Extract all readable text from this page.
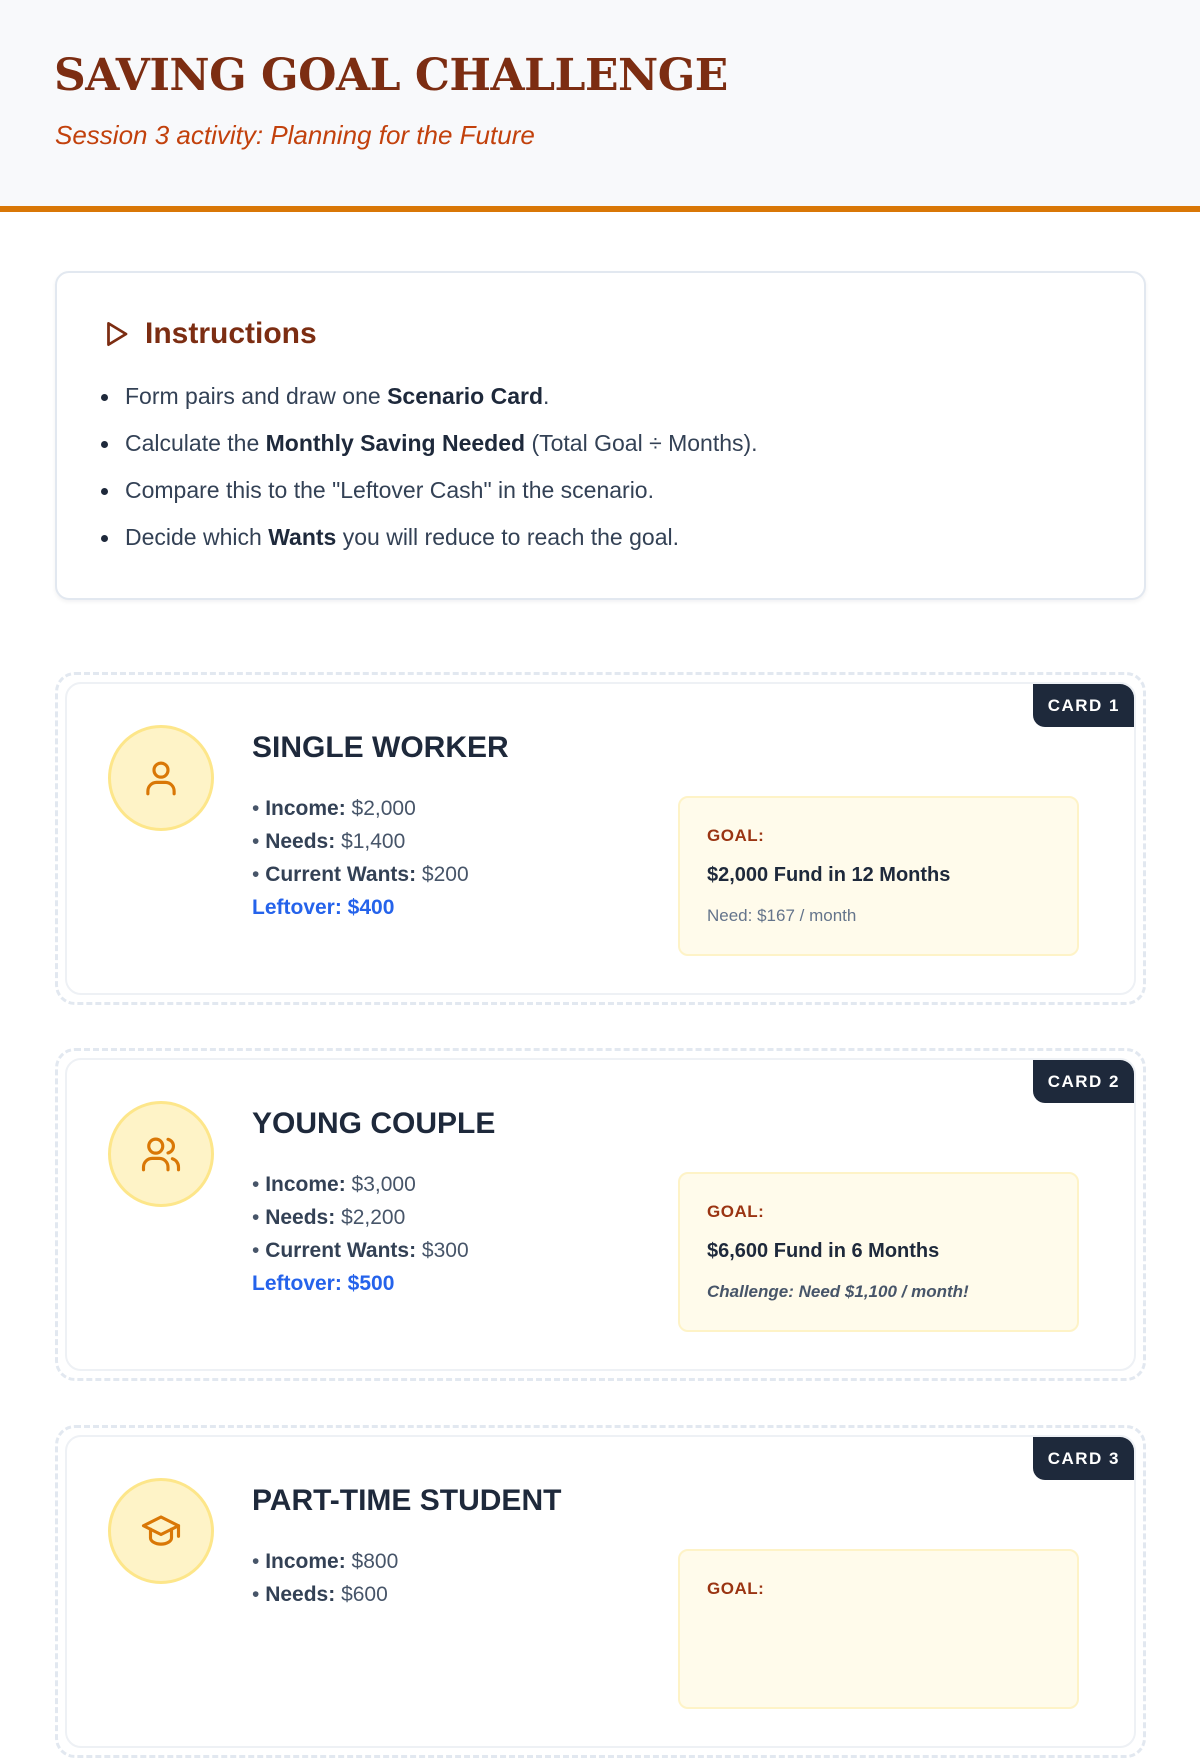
SAVING GOAL CHALLENGE

Session 3 activity: Planning for the Future

Instructions
Form pairs and draw one Scenario Card.
Calculate the Monthly Saving Needed (Total Goal ÷ Months).
Compare this to the "Leftover Cash" in the scenario.
Decide which Wants you will reduce to reach the goal.
CARD 1
SINGLE WORKER
• Income: $2,000
• Needs: $1,400
• Current Wants: $200
Leftover: $400
GOAL:
$2,000 Fund in 12 Months
Need: $167 / month
CARD 2
YOUNG COUPLE
• Income: $3,000
• Needs: $2,200
• Current Wants: $300
Leftover: $500
GOAL:
$6,600 Fund in 6 Months
Challenge: Need $1,100 / month!
CARD 3
PART-TIME STUDENT
• Income: $800
• Needs: $600	GOAL:
